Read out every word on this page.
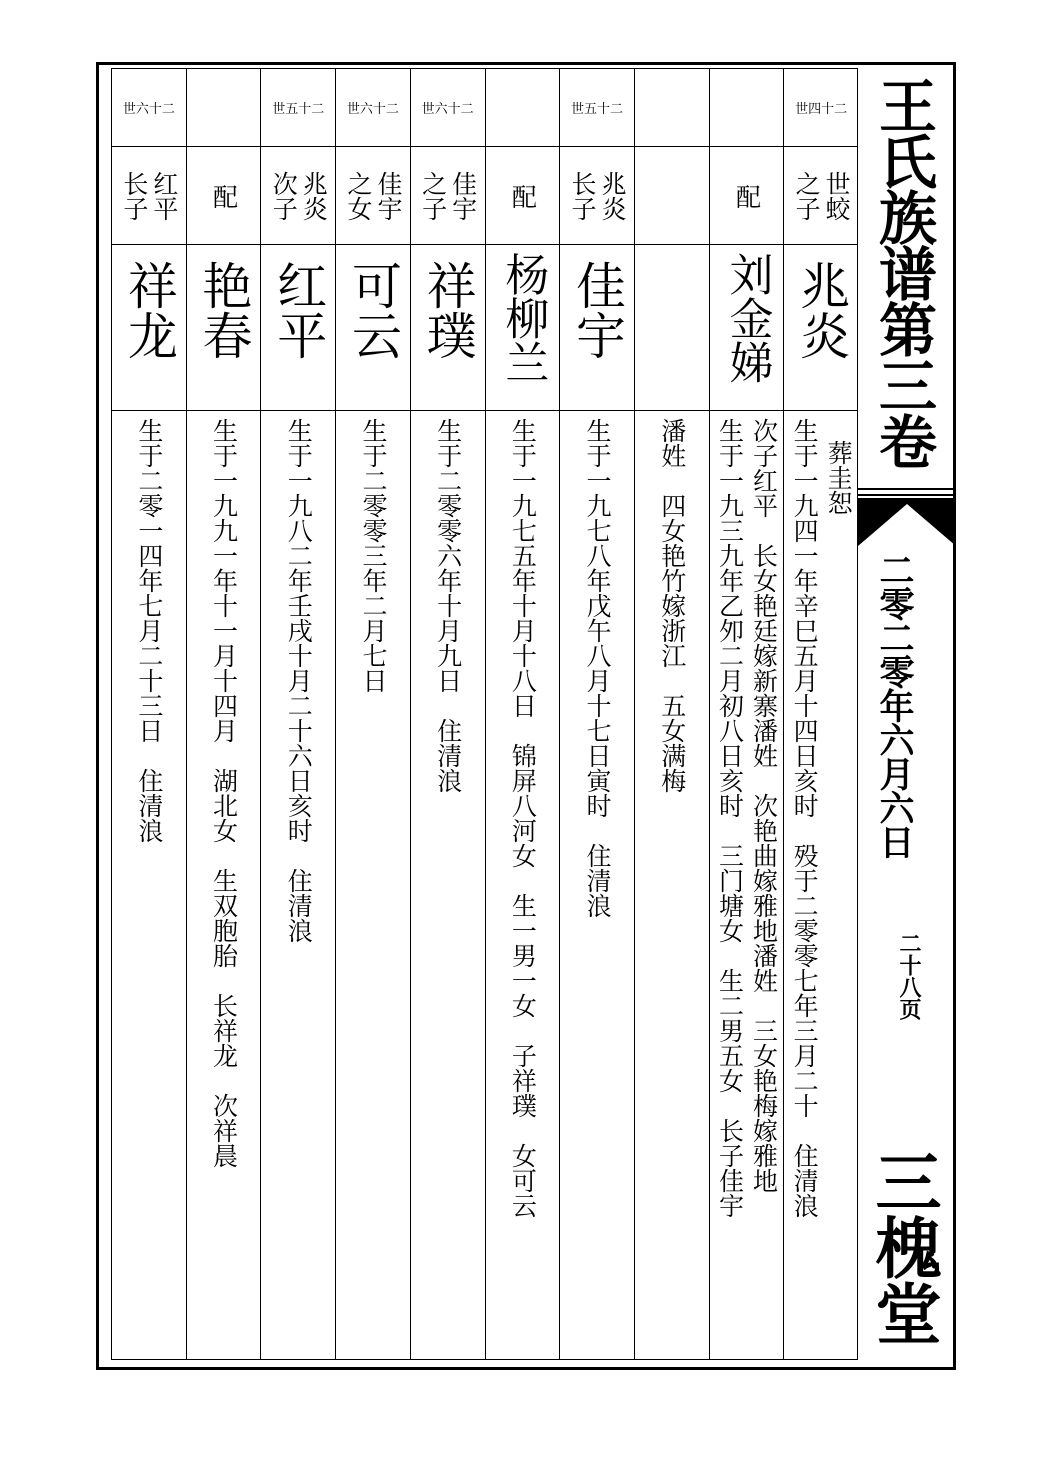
世六十二
长子 红平
祥龙
生于二零一四年七月二十三日　住清浪
配
艳春
生于一九九一年十一月十四月　湖北女　生双胞胎　长祥龙　次祥晨
世五十二
次子 兆炎
红平
生于一九八二年壬戌十月二十六日亥时　住清浪
世六十二
之女 佳宇
可云
生于二零零三年二月七日
世六十二
之子 佳宇
祥璞
生于二零零六年十月九日　住清浪
配
杨柳兰
生于一九七五年十月十八日　锦屏八河女　生一男一女　子祥璞　女可云
世五十二
长子 兆炎
佳宇
生于一九七八年戊午八月十七日寅时　住清浪 潘姓　四女艳竹嫁浙江　五女满梅
配
刘金娣
生于一九三九年乙夘二月初八日亥时　三门塘女　生二男五女　长子佳宇 次子红平　长女艳廷嫁新寨潘姓　次艳曲嫁雅地潘姓　三女艳梅嫁雅地
世四十二
之子 世蛟
兆炎
生于一九四一年辛巳五月十四日亥时　殁于二零零七年三月二十　住清浪 葬圭恕
王氏族谱第三卷
二零二零年六月六日
二十八页
三槐堂
